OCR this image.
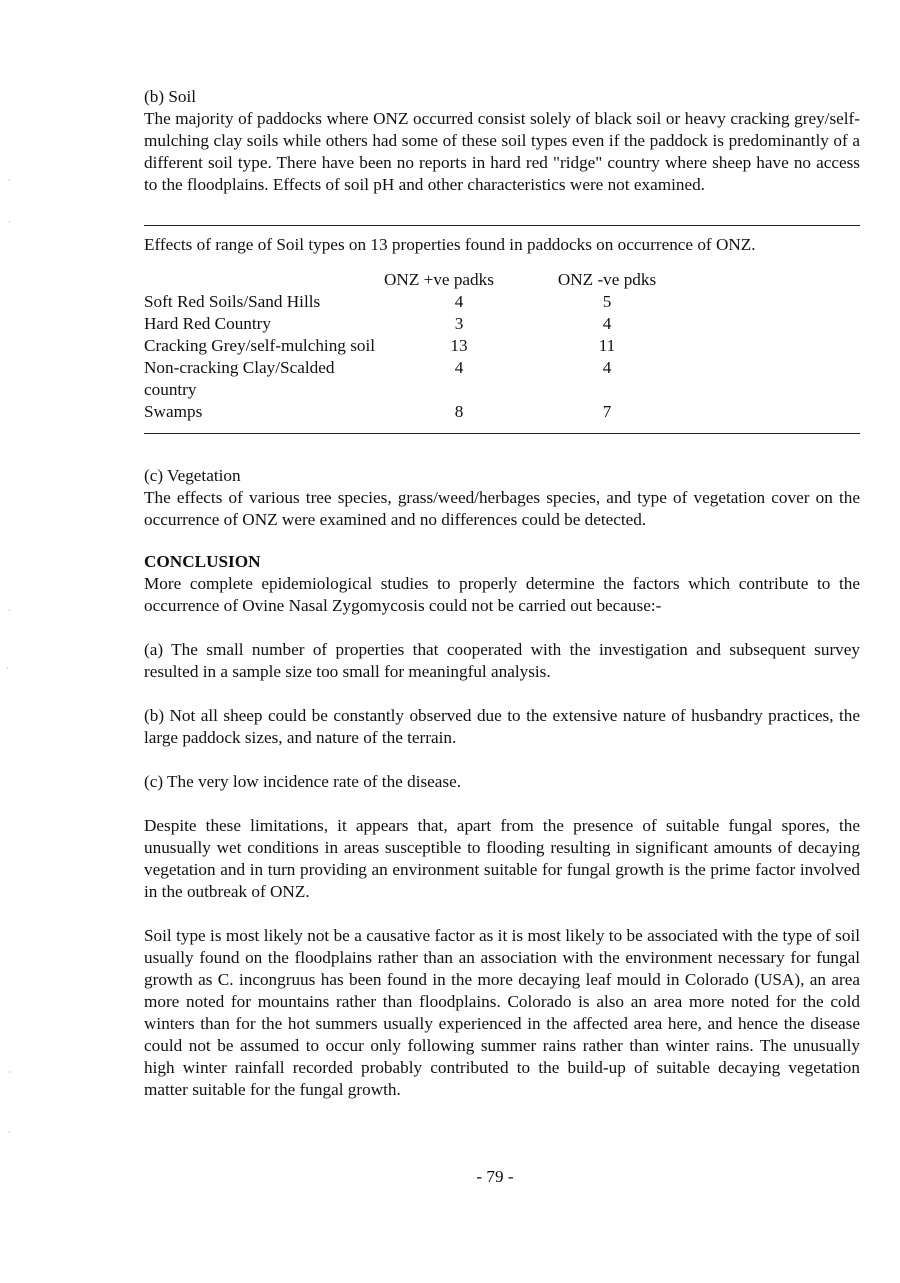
(b) Soil

The majority of paddocks where ONZ occurred consist solely of black soil or heavy cracking grey/self-mulching clay soils while others had some of these soil types even if the paddock is predominantly of a different soil type. There have been no reports in hard red "ridge" country where sheep have no access to the floodplains. Effects of soil pH and other characteristics were not examined.

Effects of range of Soil types on 13 properties found in paddocks on occurrence of ONZ.

	ONZ +ve padks	ONZ -ve pdks
Soft Red Soils/Sand Hills	4	5
Hard Red Country	3	4
Cracking Grey/self-mulching soil	13	11
Non-cracking Clay/Scalded country	4	4
Swamps	8	7

(c) Vegetation

The effects of various tree species, grass/weed/herbages species, and type of vegetation cover on the occurrence of ONZ were examined and no differences could be detected.

CONCLUSION

More complete epidemiological studies to properly determine the factors which contribute to the occurrence of Ovine Nasal Zygomycosis could not be carried out because:-

(a) The small number of properties that cooperated with the investigation and subsequent survey resulted in a sample size too small for meaningful analysis.

(b) Not all sheep could be constantly observed due to the extensive nature of husbandry practices, the large paddock sizes, and nature of the terrain.

(c) The very low incidence rate of the disease.

Despite these limitations, it appears that, apart from the presence of suitable fungal spores, the unusually wet conditions in areas susceptible to flooding resulting in significant amounts of decaying vegetation and in turn providing an environment suitable for fungal growth is the prime factor involved in the outbreak of ONZ.

Soil type is most likely not be a causative factor as it is most likely to be associated with the type of soil usually found on the floodplains rather than an association with the environment necessary for fungal growth as C. incongruus has been found in the more decaying leaf mould in Colorado (USA), an area more noted for mountains rather than floodplains. Colorado is also an area more noted for the cold winters than for the hot summers usually experienced in the affected area here, and hence the disease could not be assumed to occur only following summer rains rather than winter rains. The unusually high winter rainfall recorded probably contributed to the build-up of suitable decaying vegetation matter suitable for the fungal growth.

- 79 -
·
·
·
·
·
·
